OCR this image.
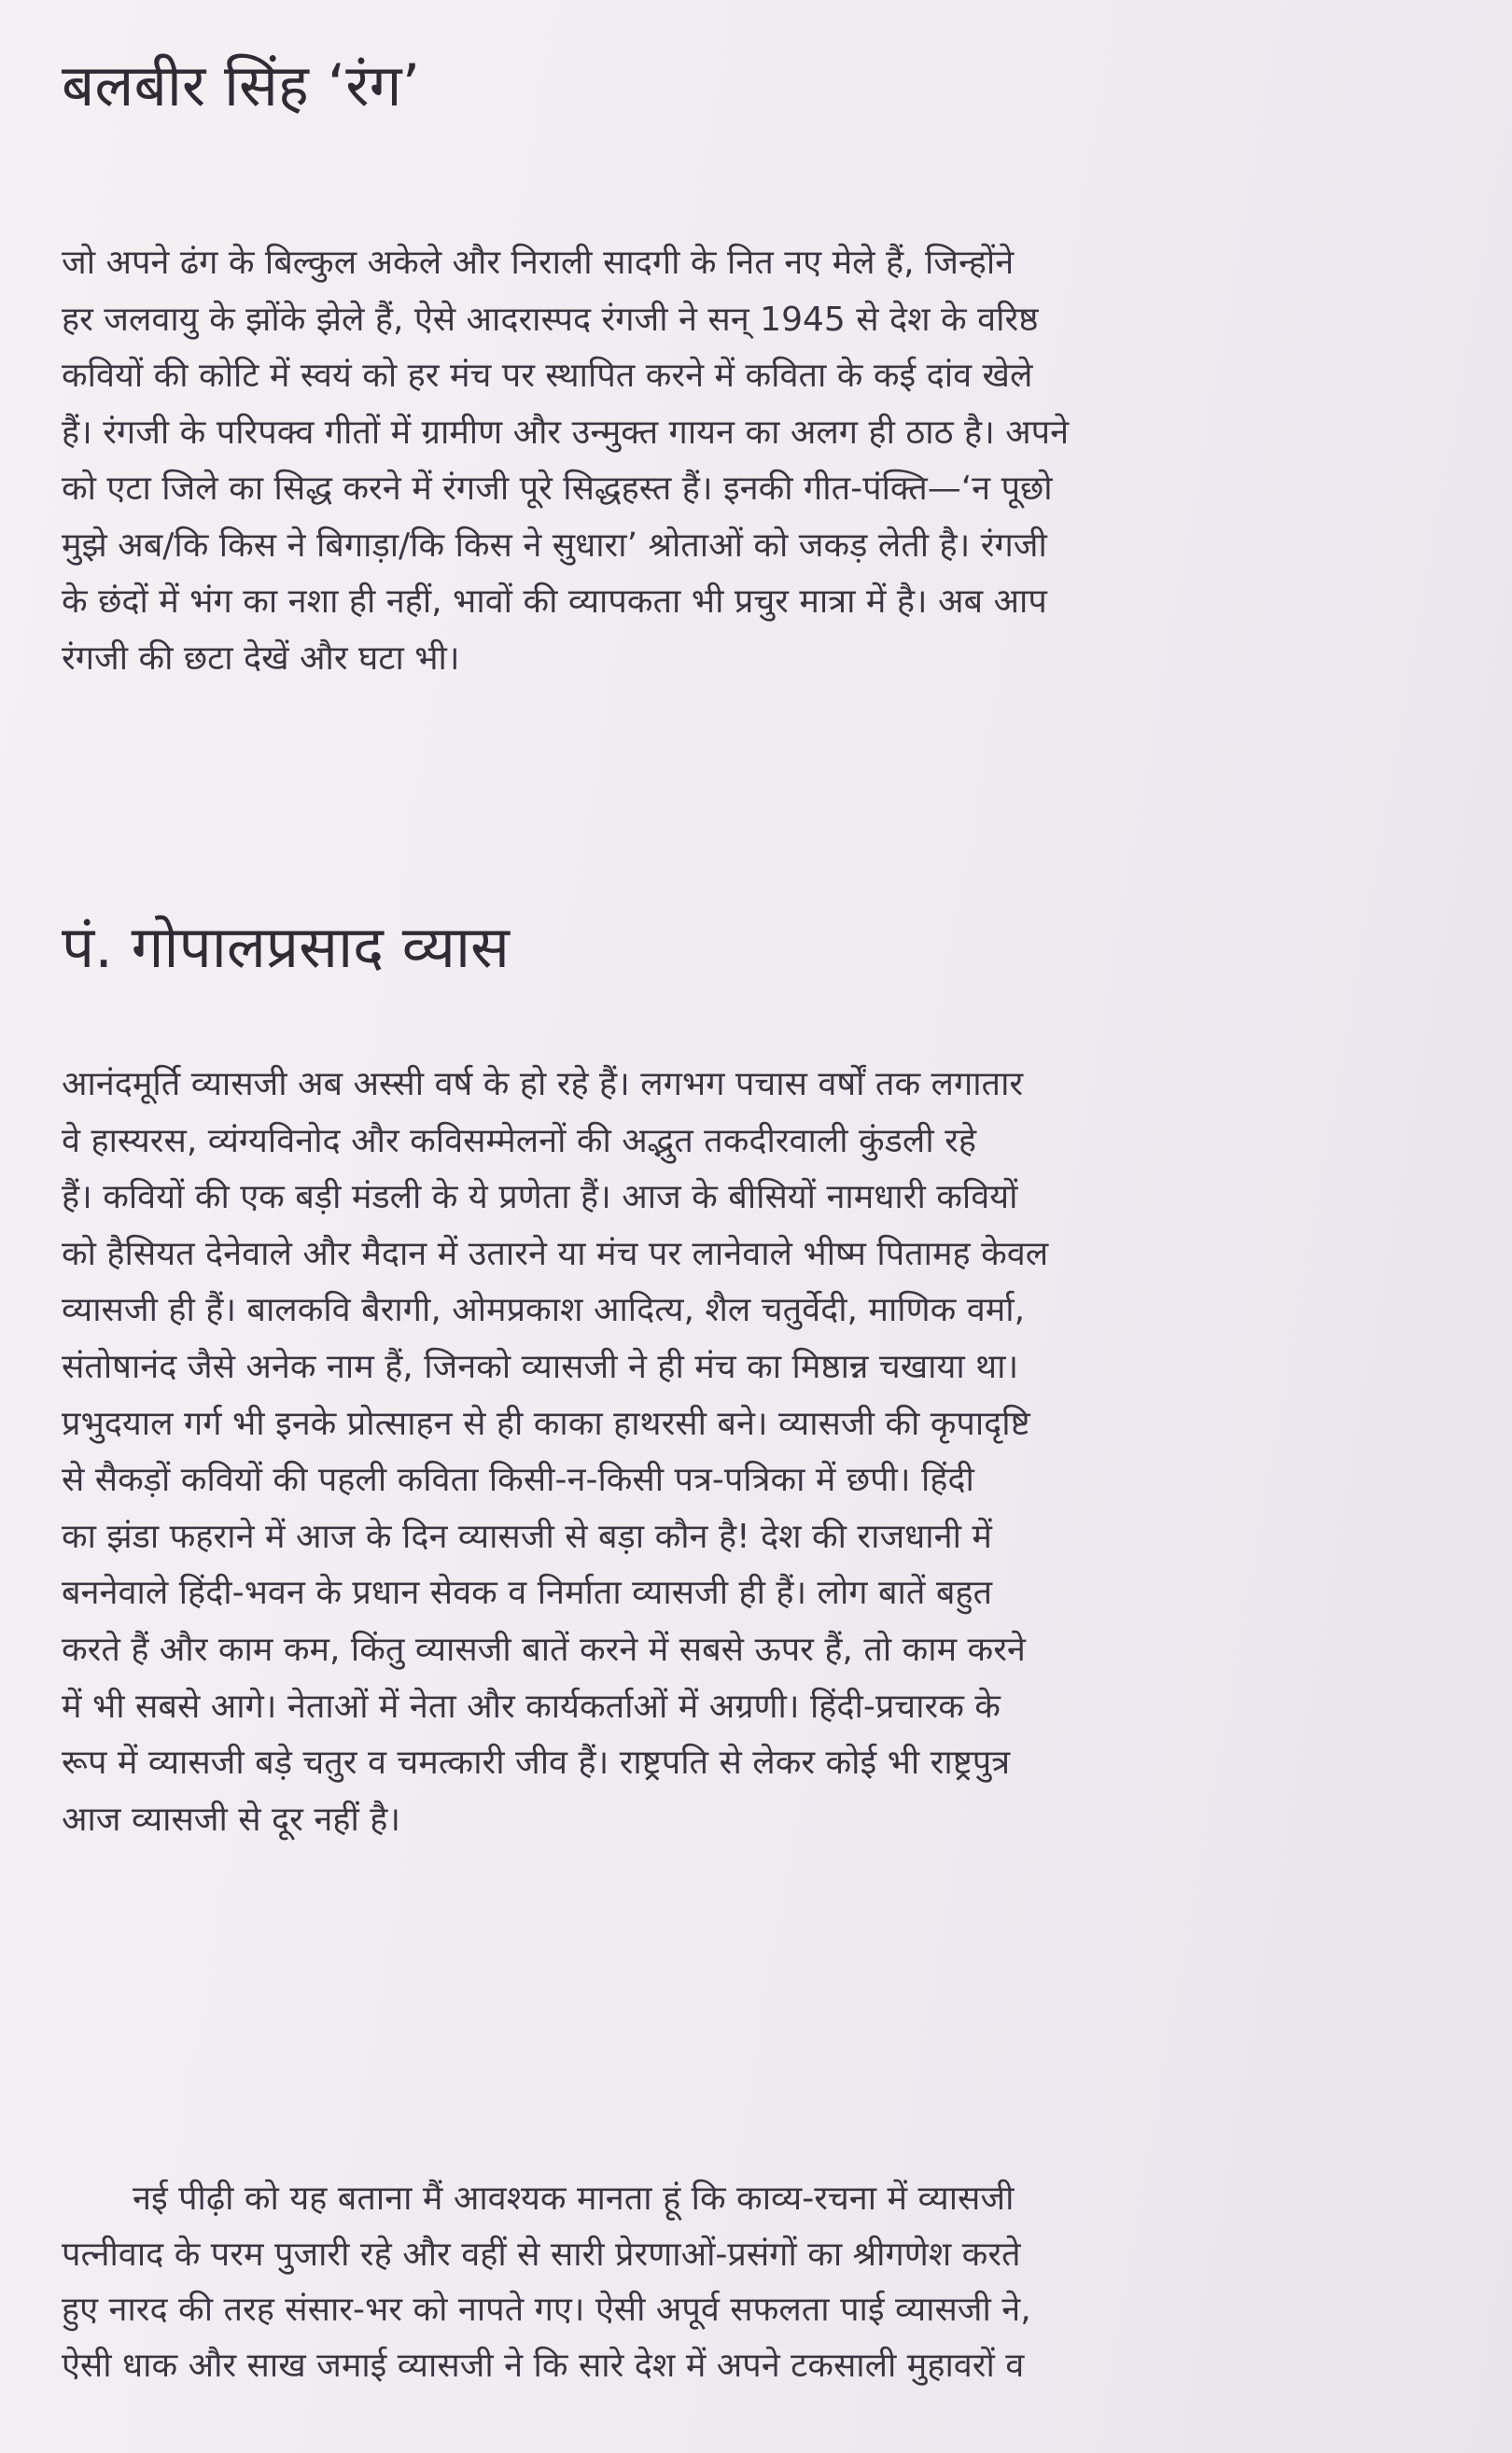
बलबीर सिंह ‘रंग’
जो अपने ढंग के बिल्कुल अकेले और निराली सादगी के नित नए मेले हैं, जिन्होंने
हर जलवायु के झोंके झेले हैं, ऐसे आदरास्पद रंगजी ने सन् 1945 से देश के वरिष्ठ
कवियों की कोटि में स्वयं को हर मंच पर स्थापित करने में कविता के कई दांव खेले
हैं। रंगजी के परिपक्व गीतों में ग्रामीण और उन्मुक्त गायन का अलग ही ठाठ है। अपने
को एटा जिले का सिद्ध करने में रंगजी पूरे सिद्धहस्त हैं। इनकी गीत-पंक्ति—‘न पूछो
मुझे अब/कि किस ने बिगाड़ा/कि किस ने सुधारा’ श्रोताओं को जकड़ लेती है। रंगजी
के छंदों में भंग का नशा ही नहीं, भावों की व्यापकता भी प्रचुर मात्रा में है। अब आप
रंगजी की छटा देखें और घटा भी।
पं. गोपालप्रसाद व्यास
आनंदमूर्ति व्यासजी अब अस्सी वर्ष के हो रहे हैं। लगभग पचास वर्षों तक लगातार
वे हास्यरस, व्यंग्यविनोद और कविसम्मेलनों की अद्भुत तकदीरवाली कुंडली रहे
हैं। कवियों की एक बड़ी मंडली के ये प्रणेता हैं। आज के बीसियों नामधारी कवियों
को हैसियत देनेवाले और मैदान में उतारने या मंच पर लानेवाले भीष्म पितामह केवल
व्यासजी ही हैं। बालकवि बैरागी, ओमप्रकाश आदित्य, शैल चतुर्वेदी, माणिक वर्मा,
संतोषानंद जैसे अनेक नाम हैं, जिनको व्यासजी ने ही मंच का मिष्ठान्न चखाया था।
प्रभुदयाल गर्ग भी इनके प्रोत्साहन से ही काका हाथरसी बने। व्यासजी की कृपादृष्टि
से सैकड़ों कवियों की पहली कविता किसी-न-किसी पत्र-पत्रिका में छपी। हिंदी
का झंडा फहराने में आज के दिन व्यासजी से बड़ा कौन है! देश की राजधानी में
बननेवाले हिंदी-भवन के प्रधान सेवक व निर्माता व्यासजी ही हैं। लोग बातें बहुत
करते हैं और काम कम, किंतु व्यासजी बातें करने में सबसे ऊपर हैं, तो काम करने
में भी सबसे आगे। नेताओं में नेता और कार्यकर्ताओं में अग्रणी। हिंदी-प्रचारक के
रूप में व्यासजी बड़े चतुर व चमत्कारी जीव हैं। राष्ट्रपति से लेकर कोई भी राष्ट्रपुत्र
आज व्यासजी से दूर नहीं है।
नई पीढ़ी को यह बताना मैं आवश्यक मानता हूं कि काव्य-रचना में व्यासजी
पत्नीवाद के परम पुजारी रहे और वहीं से सारी प्रेरणाओं-प्रसंगों का श्रीगणेश करते
हुए नारद की तरह संसार-भर को नापते गए। ऐसी अपूर्व सफलता पाई व्यासजी ने,
ऐसी धाक और साख जमाई व्यासजी ने कि सारे देश में अपने टकसाली मुहावरों व
